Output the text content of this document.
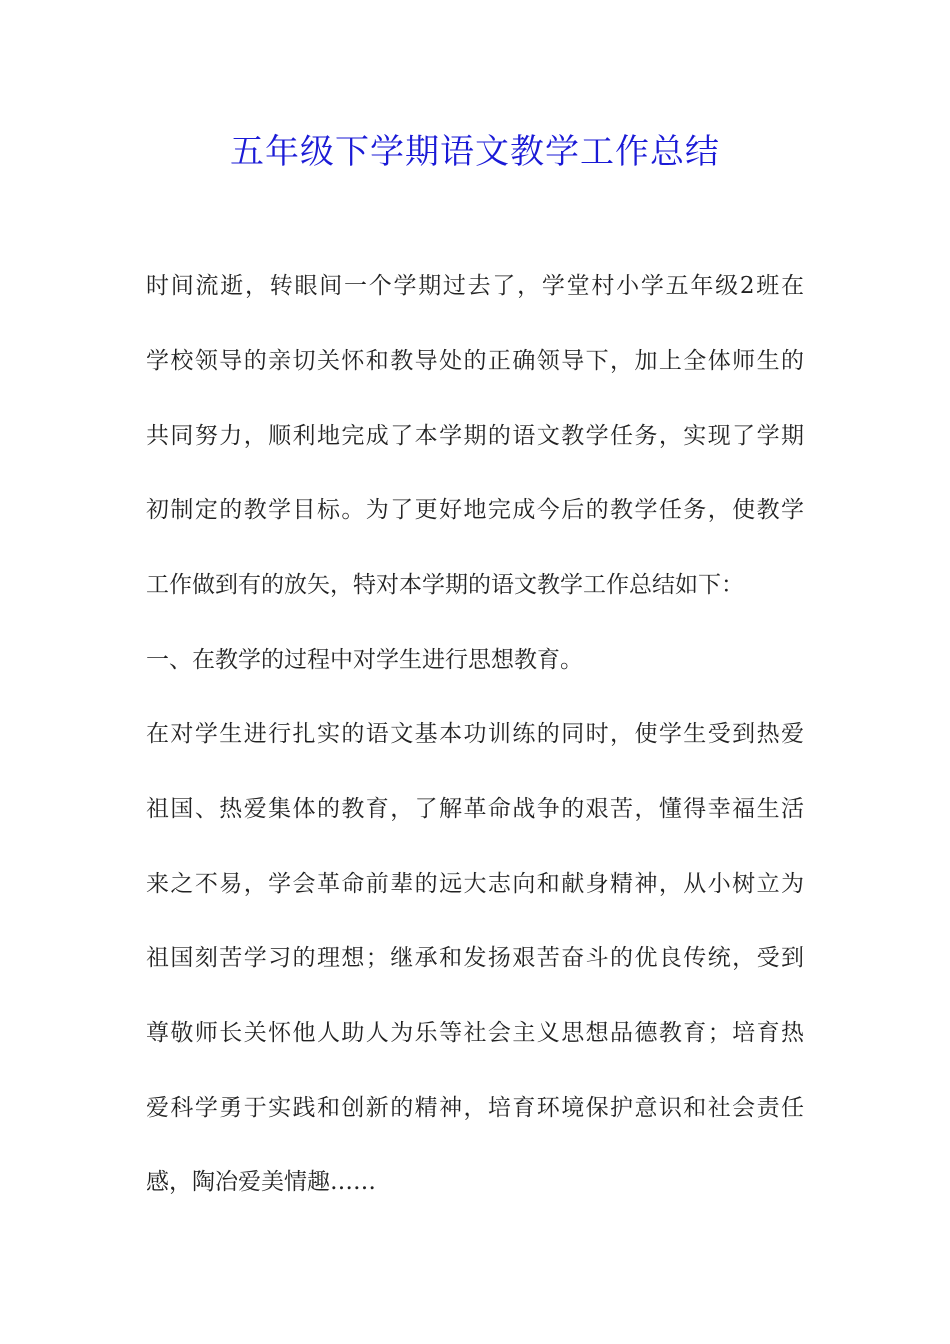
五年级下学期语文教学工作总结
时间流逝，转眼间一个学期过去了，学堂村小学五年级2班在
学校领导的亲切关怀和教导处的正确领导下，加上全体师生的
共同努力，顺利地完成了本学期的语文教学任务，实现了学期
初制定的教学目标。为了更好地完成今后的教学任务，使教学
工作做到有的放矢，特对本学期的语文教学工作总结如下：
一、在教学的过程中对学生进行思想教育。
在对学生进行扎实的语文基本功训练的同时，使学生受到热爱
祖国、热爱集体的教育，了解革命战争的艰苦，懂得幸福生活
来之不易，学会革命前辈的远大志向和献身精神，从小树立为
祖国刻苦学习的理想；继承和发扬艰苦奋斗的优良传统，受到
尊敬师长关怀他人助人为乐等社会主义思想品德教育；培育热
爱科学勇于实践和创新的精神，培育环境保护意识和社会责任
感，陶冶爱美情趣……
